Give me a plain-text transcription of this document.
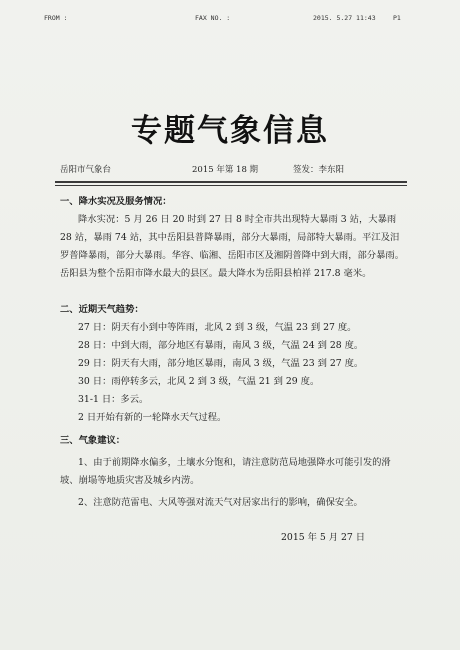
FROM :	FAX NO. :	2015. 5.27 11:43	P1
专题气象信息
岳阳市气象台	2015 年第 18 期	签发：李东阳

一、降水实况及服务情况：

降水实况：5 月 26 日 20 时到 27 日 8 时全市共出现特大暴雨 3 站，大暴雨 28 站，暴雨 74 站，其中岳阳县普降暴雨，部分大暴雨，局部特大暴雨。平江及汨罗普降暴雨，部分大暴雨。华容、临湘、岳阳市区及湘阴普降中到大雨，部分暴雨。岳阳县为整个岳阳市降水最大的县区。最大降水为岳阳县柏祥 217.8 毫米。

二、近期天气趋势：

27 日：阴天有小到中等阵雨，北风 2 到 3 级，气温 23 到 27 度。

28 日：中到大雨，部分地区有暴雨，南风 3 级，气温 24 到 28 度。

29 日：阴天有大雨，部分地区暴雨，南风 3 级，气温 23 到 27 度。

30 日：雨停转多云，北风 2 到 3 级，气温 21 到 29 度。

31-1 日：多云。

2 日开始有新的一轮降水天气过程。

三、气象建议：

1、由于前期降水偏多，土壤水分饱和，请注意防范局地强降水可能引发的滑坡、崩塌等地质灾害及城乡内涝。

2、注意防范雷电、大风等强对流天气对居家出行的影响，确保安全。

2015 年 5 月 27 日
